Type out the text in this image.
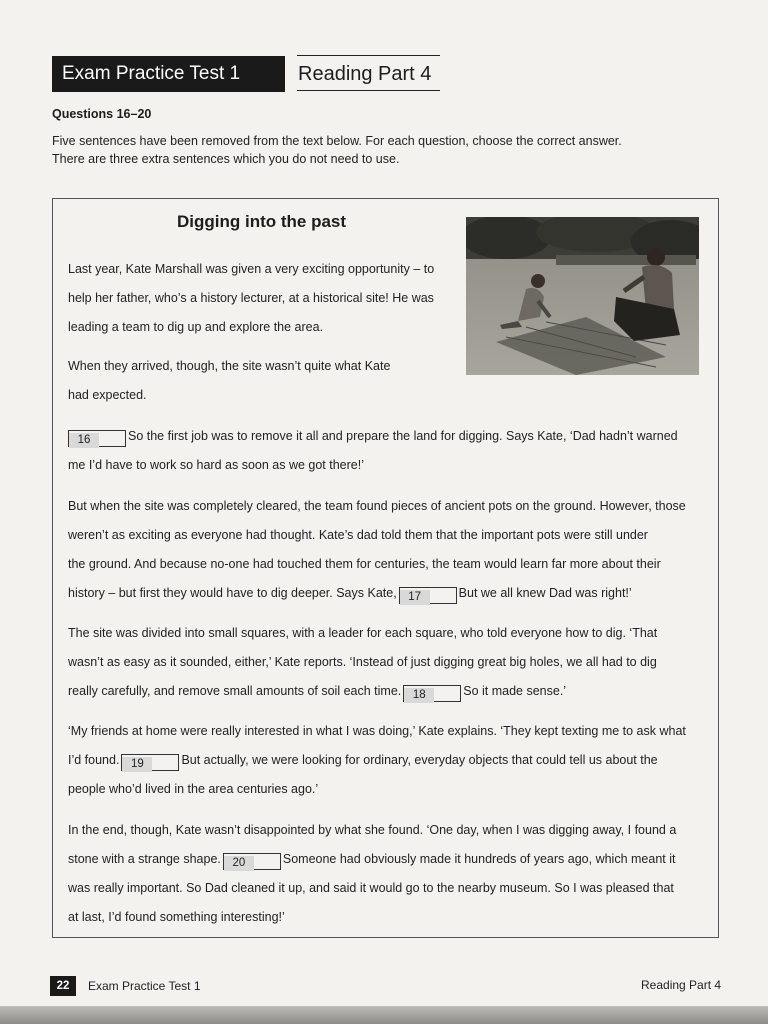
Exam Practice Test 1	Reading Part 4
Questions 16–20
Five sentences have been removed from the text below. For each question, choose the correct answer.
There are three extra sentences which you do not need to use.
Digging into the past
Last year, Kate Marshall was given a very exciting opportunity – to
help her father, who’s a history lecturer, at a historical site! He was
leading a team to dig up and explore the area.
When they arrived, though, the site wasn’t quite what Kate
had expected.
16	So the first job was to remove it all and prepare the land for digging. Says Kate, ‘Dad hadn’t warned
me I’d have to work so hard as soon as we got there!’
But when the site was completely cleared, the team found pieces of ancient pots on the ground. However, those
weren’t as exciting as everyone had thought. Kate’s dad told them that the important pots were still under
the ground. And because no-one had touched them for centuries, the team would learn far more about their
history – but first they would have to dig deeper. Says Kate, 17	But we all knew Dad was right!’
The site was divided into small squares, with a leader for each square, who told everyone how to dig. ‘That
wasn’t as easy as it sounded, either,’ Kate reports. ‘Instead of just digging great big holes, we all had to dig
really carefully, and remove small amounts of soil each time. 18	So it made sense.’
‘My friends at home were really interested in what I was doing,’ Kate explains. ‘They kept texting me to ask what
I’d found. 19	But actually, we were looking for ordinary, everyday objects that could tell us about the
people who’d lived in the area centuries ago.’
In the end, though, Kate wasn’t disappointed by what she found. ‘One day, when I was digging away, I found a
stone with a strange shape. 20	Someone had obviously made it hundreds of years ago, which meant it
was really important. So Dad cleaned it up, and said it would go to the nearby museum. So I was pleased that
at last, I’d found something interesting!’
22	Exam Practice Test 1	Reading Part 4
